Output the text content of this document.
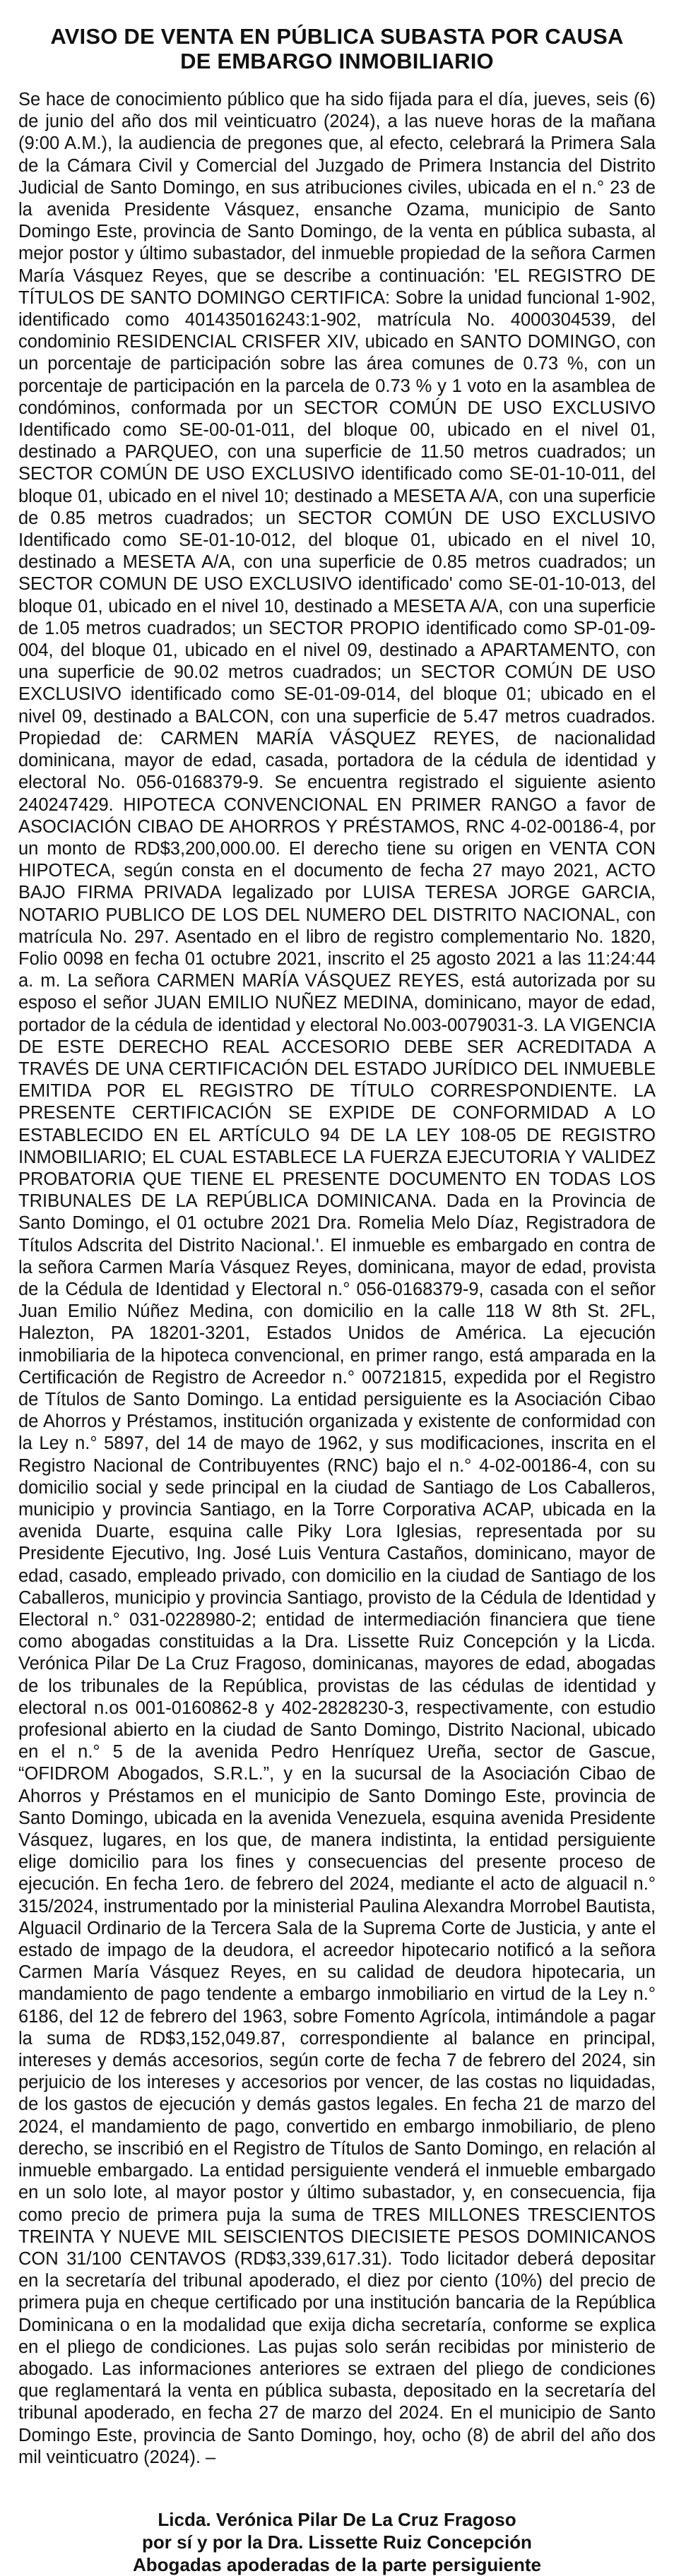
AVISO DE VENTA EN PÚBLICA SUBASTA POR CAUSA
DE EMBARGO INMOBILIARIO

Se hace de conocimiento público que ha sido fijada para el día, jueves, seis (6) de junio del año dos mil veinticuatro (2024), a las nueve horas de la mañana (9:00 A.M.), la audiencia de pregones que, al efecto, celebrará la Primera Sala de la Cámara Civil y Comercial del Juzgado de Primera Instancia del Distrito Judicial de Santo Domingo, en sus atribuciones civiles, ubicada en el n.° 23 de la avenida Presidente Vásquez, ensanche Ozama, municipio de Santo Domingo Este, provincia de Santo Domingo, de la venta en pública subasta, al mejor postor y último subastador, del inmueble propiedad de la señora Carmen María Vásquez Reyes, que se describe a continuación: 'EL REGISTRO DE TÍTULOS DE SANTO DOMINGO CERTIFICA: Sobre la unidad funcional 1-902, identificado como 401435016243:1-902, matrícula No. 4000304539, del condominio RESIDENCIAL CRISFER XIV, ubicado en SANTO DOMINGO, con un porcentaje de participación sobre las área comunes de 0.73 %, con un porcentaje de participación en la parcela de 0.73 % y 1 voto en la asamblea de condóminos, conformada por un SECTOR COMÚN DE USO EXCLUSIVO Identificado como SE-00-01-011, del bloque 00, ubicado en el nivel 01, destinado a PARQUEO, con una superficie de 11.50 metros cuadrados; un SECTOR COMÚN DE USO EXCLUSIVO identificado como SE-01-10-011, del bloque 01, ubicado en el nivel 10; destinado a MESETA A/A, con una superficie de 0.85 metros cuadrados; un SECTOR COMÚN DE USO EXCLUSIVO Identificado como SE-01-10-012, del bloque 01, ubicado en el nivel 10, destinado a MESETA A/A, con una superficie de 0.85 metros cuadrados; un SECTOR COMUN DE USO EXCLUSIVO identificado' como SE-01-10-013, del bloque 01, ubicado en el nivel 10, destinado a MESETA A/A, con una superficie de 1.05 metros cuadrados; un SECTOR PROPIO identificado como SP-01-09-004, del bloque 01, ubicado en el nivel 09, destinado a APARTAMENTO, con una superficie de 90.02 metros cuadrados; un SECTOR COMÚN DE USO EXCLUSIVO identificado como SE-01-09-014, del bloque 01; ubicado en el nivel 09, destinado a BALCON, con una superficie de 5.47 metros cuadrados. Propiedad de: CARMEN MARÍA VÁSQUEZ REYES, de nacionalidad dominicana, mayor de edad, casada, portadora de la cédula de identidad y electoral No. 056-0168379-9. Se encuentra registrado el siguiente asiento 240247429. HIPOTECA CONVENCIONAL EN PRIMER RANGO a favor de ASOCIACIÓN CIBAO DE AHORROS Y PRÉSTAMOS, RNC 4-02-00186-4, por un monto de RD$3,200,000.00. El derecho tiene su origen en VENTA CON HIPOTECA, según consta en el documento de fecha 27 mayo 2021, ACTO BAJO FIRMA PRIVADA legalizado por LUISA TERESA JORGE GARCIA, NOTARIO PUBLICO DE LOS DEL NUMERO DEL DISTRITO NACIONAL, con matrícula No. 297. Asentado en el libro de registro complementario No. 1820, Folio 0098 en fecha 01 octubre 2021, inscrito el 25 agosto 2021 a las 11:24:44 a. m. La señora CARMEN MARÍA VÁSQUEZ REYES, está autorizada por su esposo el señor JUAN EMILIO NUÑEZ MEDINA, dominicano, mayor de edad, portador de la cédula de identidad y electoral No.003-0079031-3. LA VIGENCIA DE ESTE DERECHO REAL ACCESORIO DEBE SER ACREDITADA A TRAVÉS DE UNA CERTIFICACIÓN DEL ESTADO JURÍDICO DEL INMUEBLE EMITIDA POR EL REGISTRO DE TÍTULO CORRESPONDIENTE. LA PRESENTE CERTIFICACIÓN SE EXPIDE DE CONFORMIDAD A LO ESTABLECIDO EN EL ARTÍCULO 94 DE LA LEY 108-05 DE REGISTRO INMOBILIARIO; EL CUAL ESTABLECE LA FUERZA EJECUTORIA Y VALIDEZ PROBATORIA QUE TIENE EL PRESENTE DOCUMENTO EN TODAS LOS TRIBUNALES DE LA REPÚBLICA DOMINICANA. Dada en la Provincia de Santo Domingo, el 01 octubre 2021 Dra. Romelia Melo Díaz, Registradora de Títulos Adscrita del Distrito Nacional.'. El inmueble es embargado en contra de la señora Carmen María Vásquez Reyes, dominicana, mayor de edad, provista de la Cédula de Identidad y Electoral n.° 056-0168379-9, casada con el señor Juan Emilio Núñez Medina, con domicilio en la calle 118 W 8th St. 2FL, Halezton, PA 18201-3201, Estados Unidos de América. La ejecución inmobiliaria de la hipoteca convencional, en primer rango, está amparada en la Certificación de Registro de Acreedor n.° 00721815, expedida por el Registro de Títulos de Santo Domingo. La entidad persiguiente es la Asociación Cibao de Ahorros y Préstamos, institución organizada y existente de conformidad con la Ley n.° 5897, del 14 de mayo de 1962, y sus modificaciones, inscrita en el Registro Nacional de Contribuyentes (RNC) bajo el n.° 4-02-00186-4, con su domicilio social y sede principal en la ciudad de Santiago de Los Caballeros, municipio y provincia Santiago, en la Torre Corporativa ACAP, ubicada en la avenida Duarte, esquina calle Piky Lora Iglesias, representada por su Presidente Ejecutivo, Ing. José Luis Ventura Castaños, dominicano, mayor de edad, casado, empleado privado, con domicilio en la ciudad de Santiago de los Caballeros, municipio y provincia Santiago, provisto de la Cédula de Identidad y Electoral n.° 031-0228980-2; entidad de intermediación financiera que tiene como abogadas constituidas a la Dra. Lissette Ruiz Concepción y la Licda. Verónica Pilar De La Cruz Fragoso, dominicanas, mayores de edad, abogadas de los tribunales de la República, provistas de las cédulas de identidad y electoral n.os 001-0160862-8 y 402-2828230-3, respectivamente, con estudio profesional abierto en la ciudad de Santo Domingo, Distrito Nacional, ubicado en el n.° 5 de la avenida Pedro Henríquez Ureña, sector de Gascue, “OFIDROM Abogados, S.R.L.”, y en la sucursal de la Asociación Cibao de Ahorros y Préstamos en el municipio de Santo Domingo Este, provincia de Santo Domingo, ubicada en la avenida Venezuela, esquina avenida Presidente Vásquez, lugares, en los que, de manera indistinta, la entidad persiguiente elige domicilio para los fines y consecuencias del presente proceso de ejecución. En fecha 1ero. de febrero del 2024, mediante el acto de alguacil n.° 315/2024, instrumentado por la ministerial Paulina Alexandra Morrobel Bautista, Alguacil Ordinario de la Tercera Sala de la Suprema Corte de Justicia, y ante el estado de impago de la deudora, el acreedor hipotecario notificó a la señora Carmen María Vásquez Reyes, en su calidad de deudora hipotecaria, un mandamiento de pago tendente a embargo inmobiliario en virtud de la Ley n.° 6186, del 12 de febrero del 1963, sobre Fomento Agrícola, intimándole a pagar la suma de RD$3,152,049.87, correspondiente al balance en principal, intereses y demás accesorios, según corte de fecha 7 de febrero del 2024, sin perjuicio de los intereses y accesorios por vencer, de las costas no liquidadas, de los gastos de ejecución y demás gastos legales. En fecha 21 de marzo del 2024, el mandamiento de pago, convertido en embargo inmobiliario, de pleno derecho, se inscribió en el Registro de Títulos de Santo Domingo, en relación al inmueble embargado. La entidad persiguiente venderá el inmueble embargado en un solo lote, al mayor postor y último subastador, y, en consecuencia, fija como precio de primera puja la suma de TRES MILLONES TRESCIENTOS TREINTA Y NUEVE MIL SEISCIENTOS DIECISIETE PESOS DOMINICANOS CON 31/100 CENTAVOS (RD$3,339,617.31). Todo licitador deberá depositar en la secretaría del tribunal apoderado, el diez por ciento (10%) del precio de primera puja en cheque certificado por una institución bancaria de la República Dominicana o en la modalidad que exija dicha secretaría, conforme se explica en el pliego de condiciones. Las pujas solo serán recibidas por ministerio de abogado. Las informaciones anteriores se extraen del pliego de condiciones que reglamentará la venta en pública subasta, depositado en la secretaría del tribunal apoderado, en fecha 27 de marzo del 2024. En el municipio de Santo Domingo Este, provincia de Santo Domingo, hoy, ocho (8) de abril del año dos mil veinticuatro (2024). –

Licda. Verónica Pilar De La Cruz Fragoso
por sí y por la Dra. Lissette Ruiz Concepción
Abogadas apoderadas de la parte persiguiente
